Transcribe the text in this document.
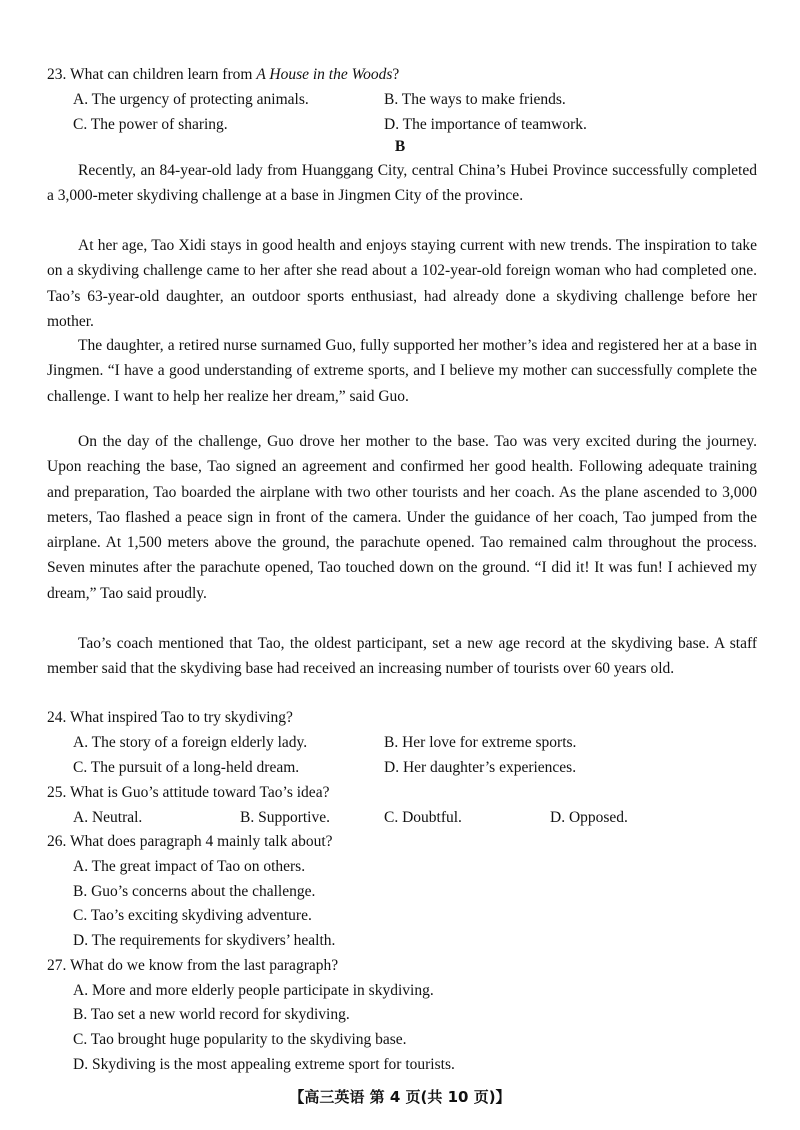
23. What can children learn from A House in the Woods?
A. The urgency of protecting animals.	B. The ways to make friends.
C. The power of sharing.	D. The importance of teamwork.
B
Recently, an 84-year-old lady from Huanggang City, central China’s Hubei Province successfully completed a 3,000-meter skydiving challenge at a base in Jingmen City of the province.
At her age, Tao Xidi stays in good health and enjoys staying current with new trends. The inspiration to take on a skydiving challenge came to her after she read about a 102-year-old foreign woman who had completed one. Tao’s 63-year-old daughter, an outdoor sports enthusiast, had already done a skydiving challenge before her mother.
The daughter, a retired nurse surnamed Guo, fully supported her mother’s idea and registered her at a base in Jingmen. “I have a good understanding of extreme sports, and I believe my mother can successfully complete the challenge. I want to help her realize her dream,” said Guo.
On the day of the challenge, Guo drove her mother to the base. Tao was very excited during the journey. Upon reaching the base, Tao signed an agreement and confirmed her good health. Following adequate training and preparation, Tao boarded the airplane with two other tourists and her coach. As the plane ascended to 3,000 meters, Tao flashed a peace sign in front of the camera. Under the guidance of her coach, Tao jumped from the airplane. At 1,500 meters above the ground, the parachute opened. Tao remained calm throughout the process. Seven minutes after the parachute opened, Tao touched down on the ground. “I did it! It was fun! I achieved my dream,” Tao said proudly.
Tao’s coach mentioned that Tao, the oldest participant, set a new age record at the skydiving base. A staff member said that the skydiving base had received an increasing number of tourists over 60 years old.
24. What inspired Tao to try skydiving?
A. The story of a foreign elderly lady.	B. Her love for extreme sports.
C. The pursuit of a long-held dream.	D. Her daughter’s experiences.
25. What is Guo’s attitude toward Tao’s idea?
A. Neutral.	B. Supportive.	C. Doubtful.	D. Opposed.
26. What does paragraph 4 mainly talk about?
A. The great impact of Tao on others.
B. Guo’s concerns about the challenge.
C. Tao’s exciting skydiving adventure.
D. The requirements for skydivers’ health.
27. What do we know from the last paragraph?
A. More and more elderly people participate in skydiving.
B. Tao set a new world record for skydiving.
C. Tao brought huge popularity to the skydiving base.
D. Skydiving is the most appealing extreme sport for tourists.
【高三英语 第 4 页(共 10 页)】
